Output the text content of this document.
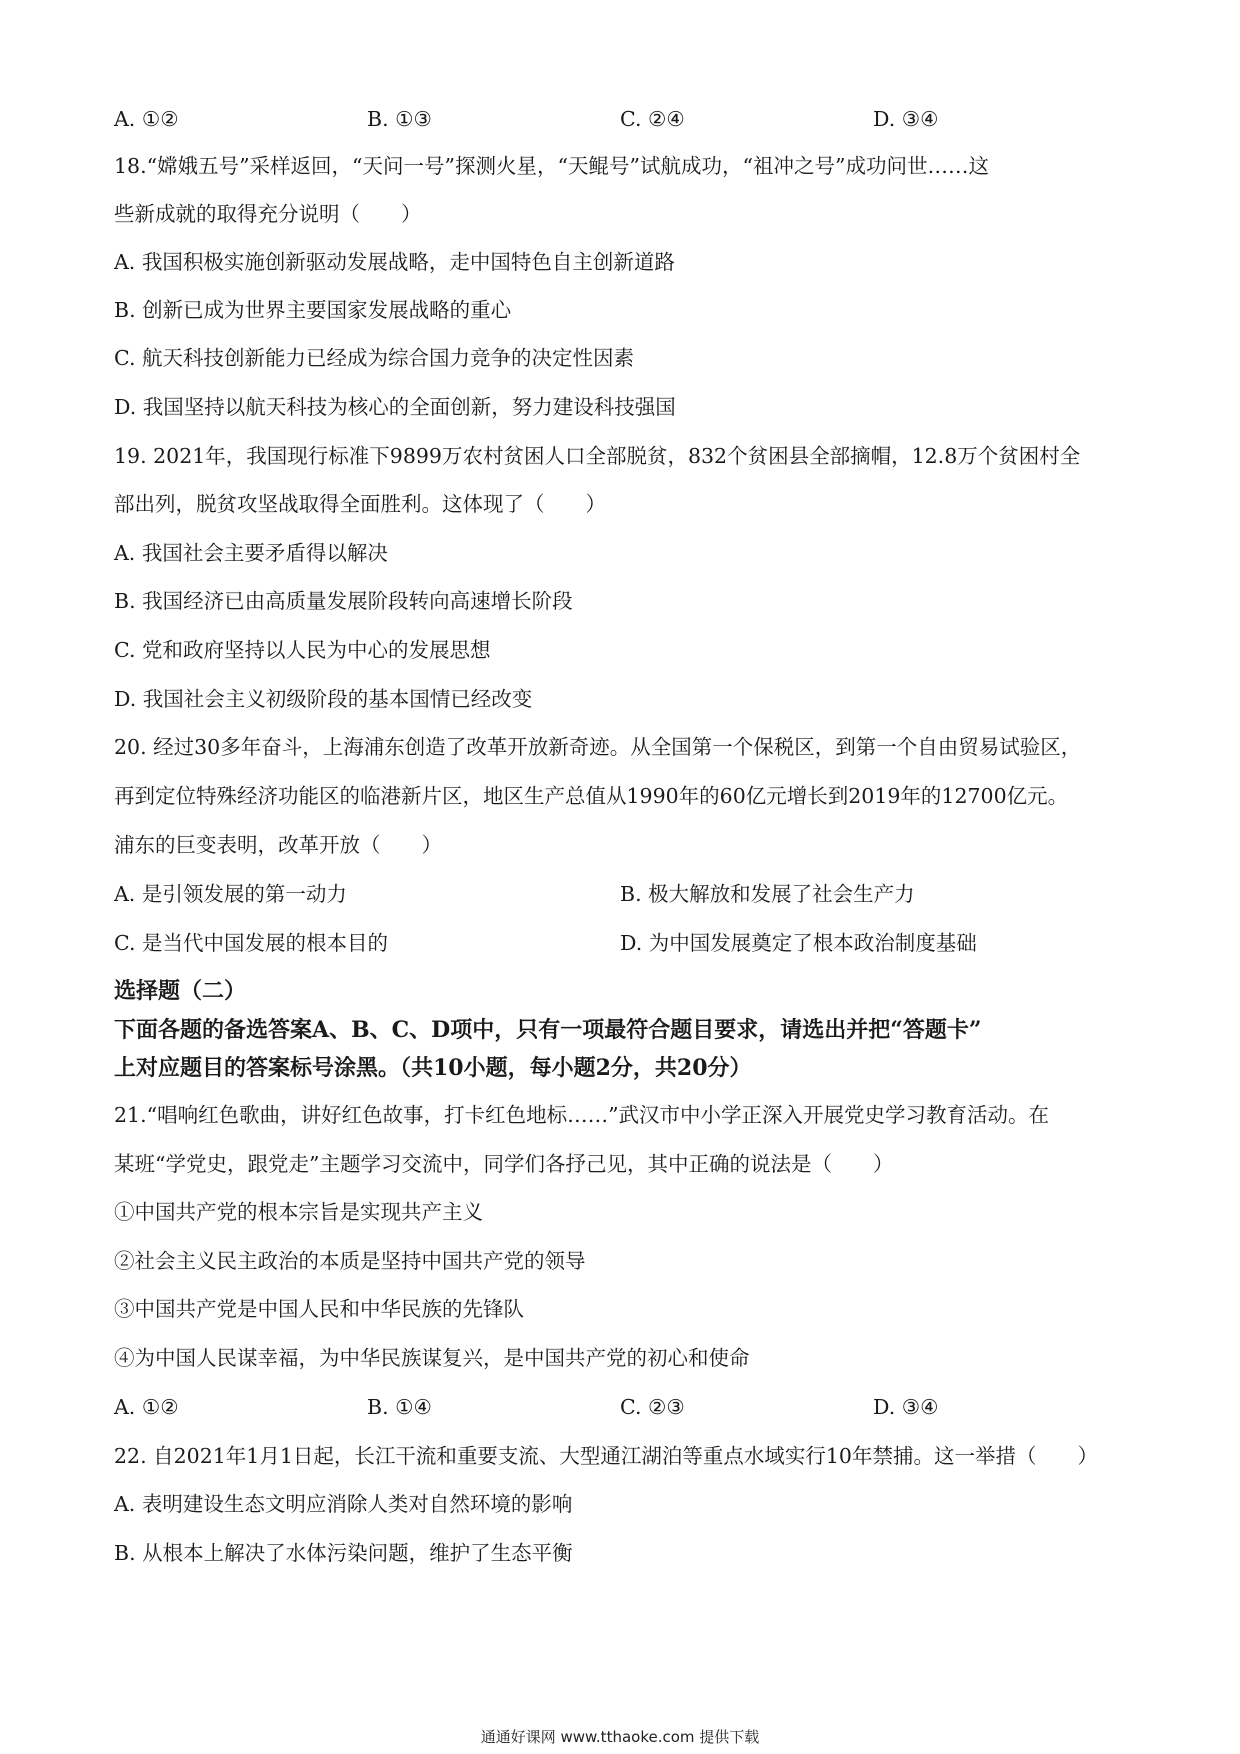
A. ①②	B. ①③	C. ②④	D. ③④
18.“嫦娥五号”采样返回，“天问一号”探测火星，“天鲲号”试航成功，“祖冲之号”成功问世……这
些新成就的取得充分说明（　　）
A. 我国积极实施创新驱动发展战略，走中国特色自主创新道路
B. 创新已成为世界主要国家发展战略的重心
C. 航天科技创新能力已经成为综合国力竞争的决定性因素
D. 我国坚持以航天科技为核心的全面创新，努力建设科技强国
19. 2021年，我国现行标准下9899万农村贫困人口全部脱贫，832个贫困县全部摘帽，12.8万个贫困村全
部出列，脱贫攻坚战取得全面胜利。这体现了（　　）
A. 我国社会主要矛盾得以解决
B. 我国经济已由高质量发展阶段转向高速增长阶段
C. 党和政府坚持以人民为中心的发展思想
D. 我国社会主义初级阶段的基本国情已经改变
20. 经过30多年奋斗，上海浦东创造了改革开放新奇迹。从全国第一个保税区，到第一个自由贸易试验区，
再到定位特殊经济功能区的临港新片区，地区生产总值从1990年的60亿元增长到2019年的12700亿元。
浦东的巨变表明，改革开放（　　）
A. 是引领发展的第一动力	B. 极大解放和发展了社会生产力
C. 是当代中国发展的根本目的	D. 为中国发展奠定了根本政治制度基础
选择题（二）
下面各题的备选答案A、B、C、D项中，只有一项最符合题目要求，请选出并把“答题卡”
上对应题目的答案标号涂黑。（共10小题，每小题2分，共20分）
21.“唱响红色歌曲，讲好红色故事，打卡红色地标……”武汉市中小学正深入开展党史学习教育活动。在
某班“学党史，跟党走”主题学习交流中，同学们各抒己见，其中正确的说法是（　　）
①中国共产党的根本宗旨是实现共产主义
②社会主义民主政治的本质是坚持中国共产党的领导
③中国共产党是中国人民和中华民族的先锋队
④为中国人民谋幸福，为中华民族谋复兴，是中国共产党的初心和使命
A. ①②	B. ①④	C. ②③	D. ③④
22. 自2021年1月1日起，长江干流和重要支流、大型通江湖泊等重点水域实行10年禁捕。这一举措（　　）
A. 表明建设生态文明应消除人类对自然环境的影响
B. 从根本上解决了水体污染问题，维护了生态平衡
通通好课网 www.tthaoke.com 提供下载
